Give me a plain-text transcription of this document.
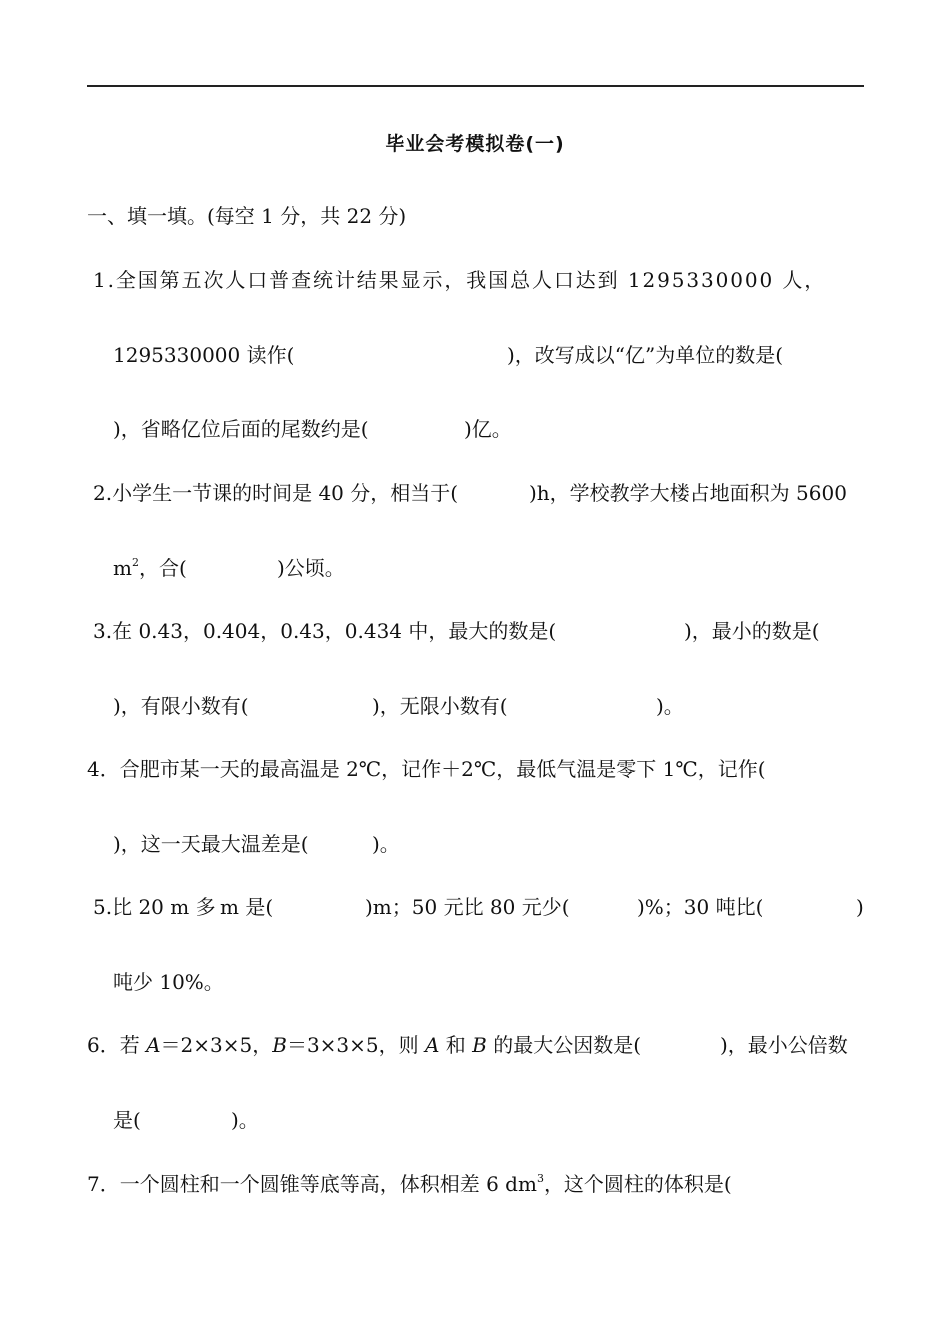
毕业会考模拟卷(一)
一、填一填。(每空 1 分，共 22 分)
1.全国第五次人口普查统计结果显示，我国总人口达到 1295330000 人，
1295330000 读作(	)，改写成以“亿”为单位的数是(
)，省略亿位后面的尾数约是(	)亿。
2.小学生一节课的时间是 40 分，相当于(	)h，学校教学大楼占地面积为 5600
$m^2$，合(	)公顷。
3.在 0.43，0.404，0.43，0.434 中，最大的数是(	)，最小的数是(
)，有限小数有(	)，无限小数有(	)。
4．合肥市某一天的最高温是 2℃，记作＋2℃，最低气温是零下 1℃，记作(
)，这一天最大温差是(	)。
5.比 20 m 多 m 是(	)m；50 元比 80 元少(	)%；30 吨比(	)
吨少 10%。
6．若 A＝2×3×5，B＝3×3×5，则 A 和 B 的最大公因数是(	)，最小公倍数
是(	)。
7．一个圆柱和一个圆锥等底等高，体积相差 6 $dm^3$，这个圆柱的体积是(
